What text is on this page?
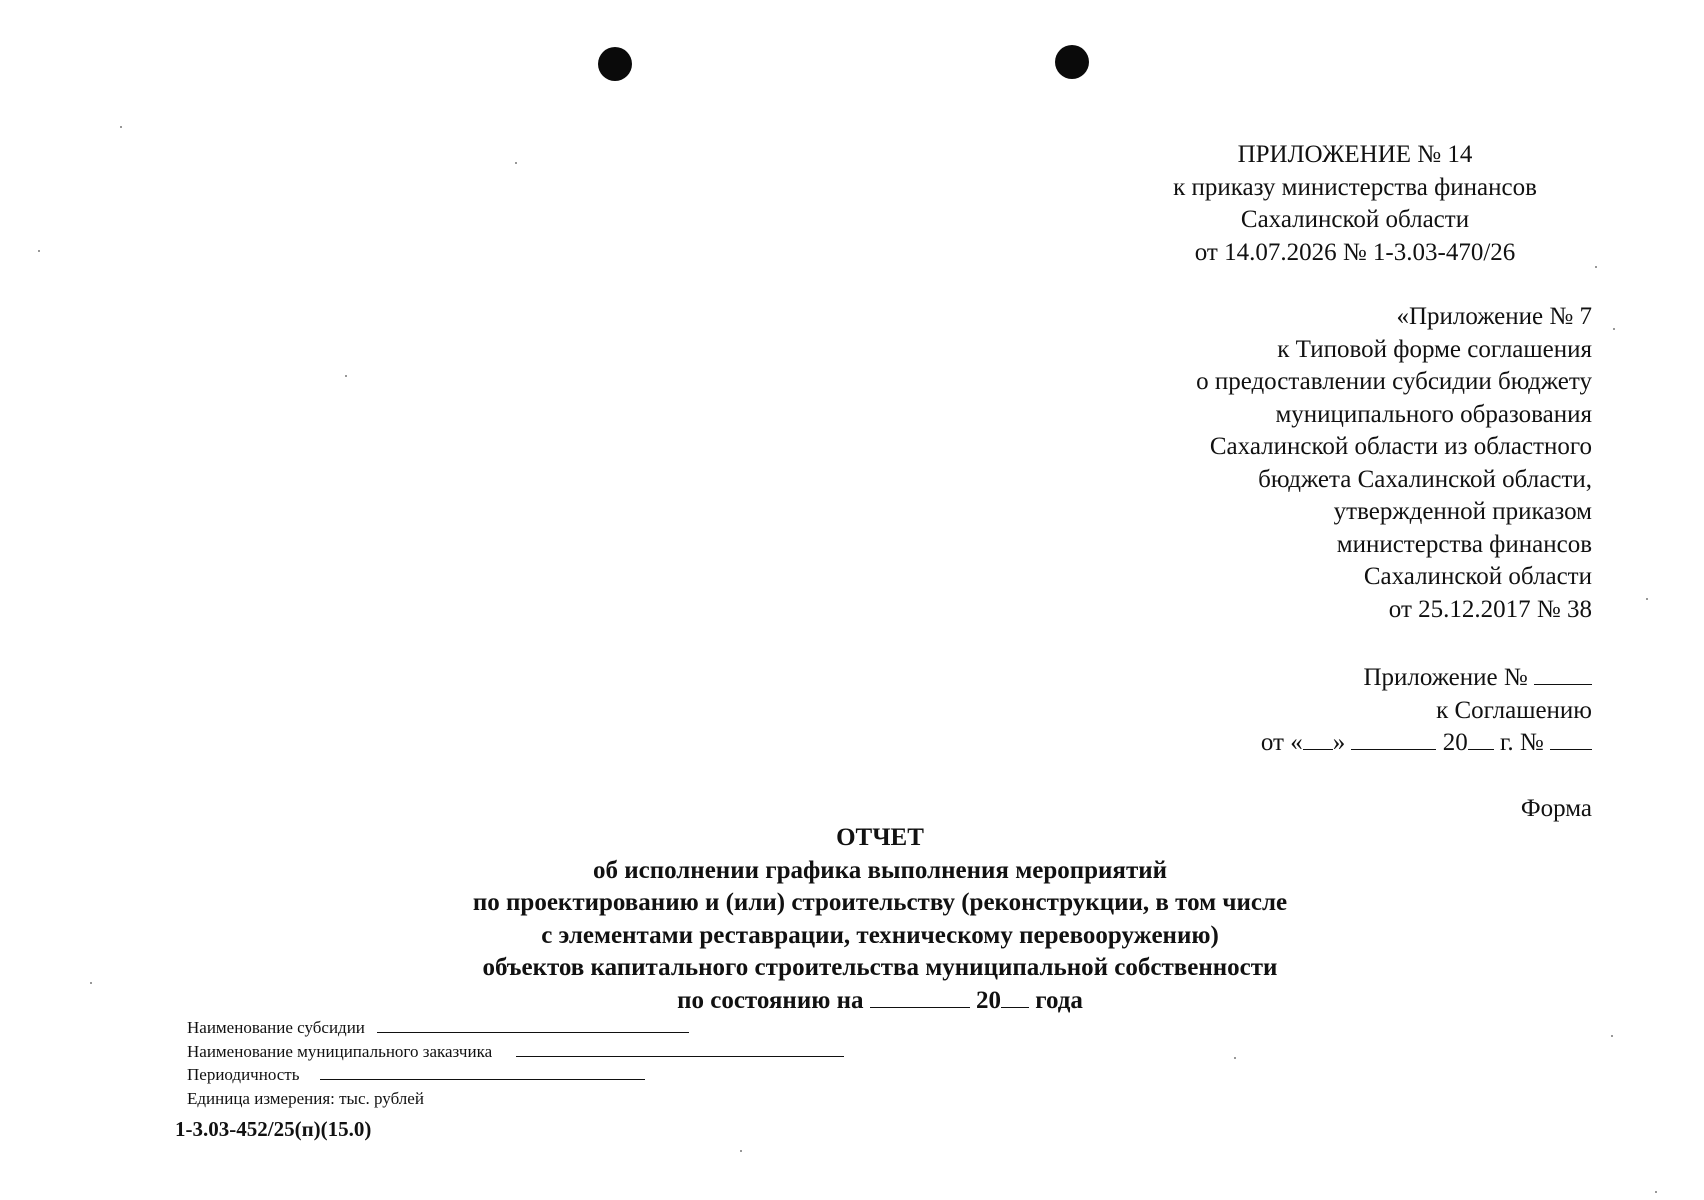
ПРИЛОЖЕНИЕ № 14
к приказу министерства финансов
Сахалинской области
от 14.07.2026 № 1-3.03-470/26
«Приложение № 7
к Типовой форме соглашения
о предоставлении субсидии бюджету
муниципального образования
Сахалинской области из областного
бюджета Сахалинской области,
утвержденной приказом
министерства финансов
Сахалинской области
от 25.12.2017 № 38
Приложение №
к Соглашению
от « »	20 г. №
Форма
ОТЧЕТ
об исполнении графика выполнения мероприятий
по проектированию и (или) строительству (реконструкции, в том числе
с элементами реставрации, техническому перевооружению)
объектов капитального строительства муниципальной собственности
по состоянию на	20 года
Наименование субсидии
Наименование муниципального заказчика
Периодичность
Единица измерения: тыс. рублей
1-3.03-452/25(п)(15.0)
